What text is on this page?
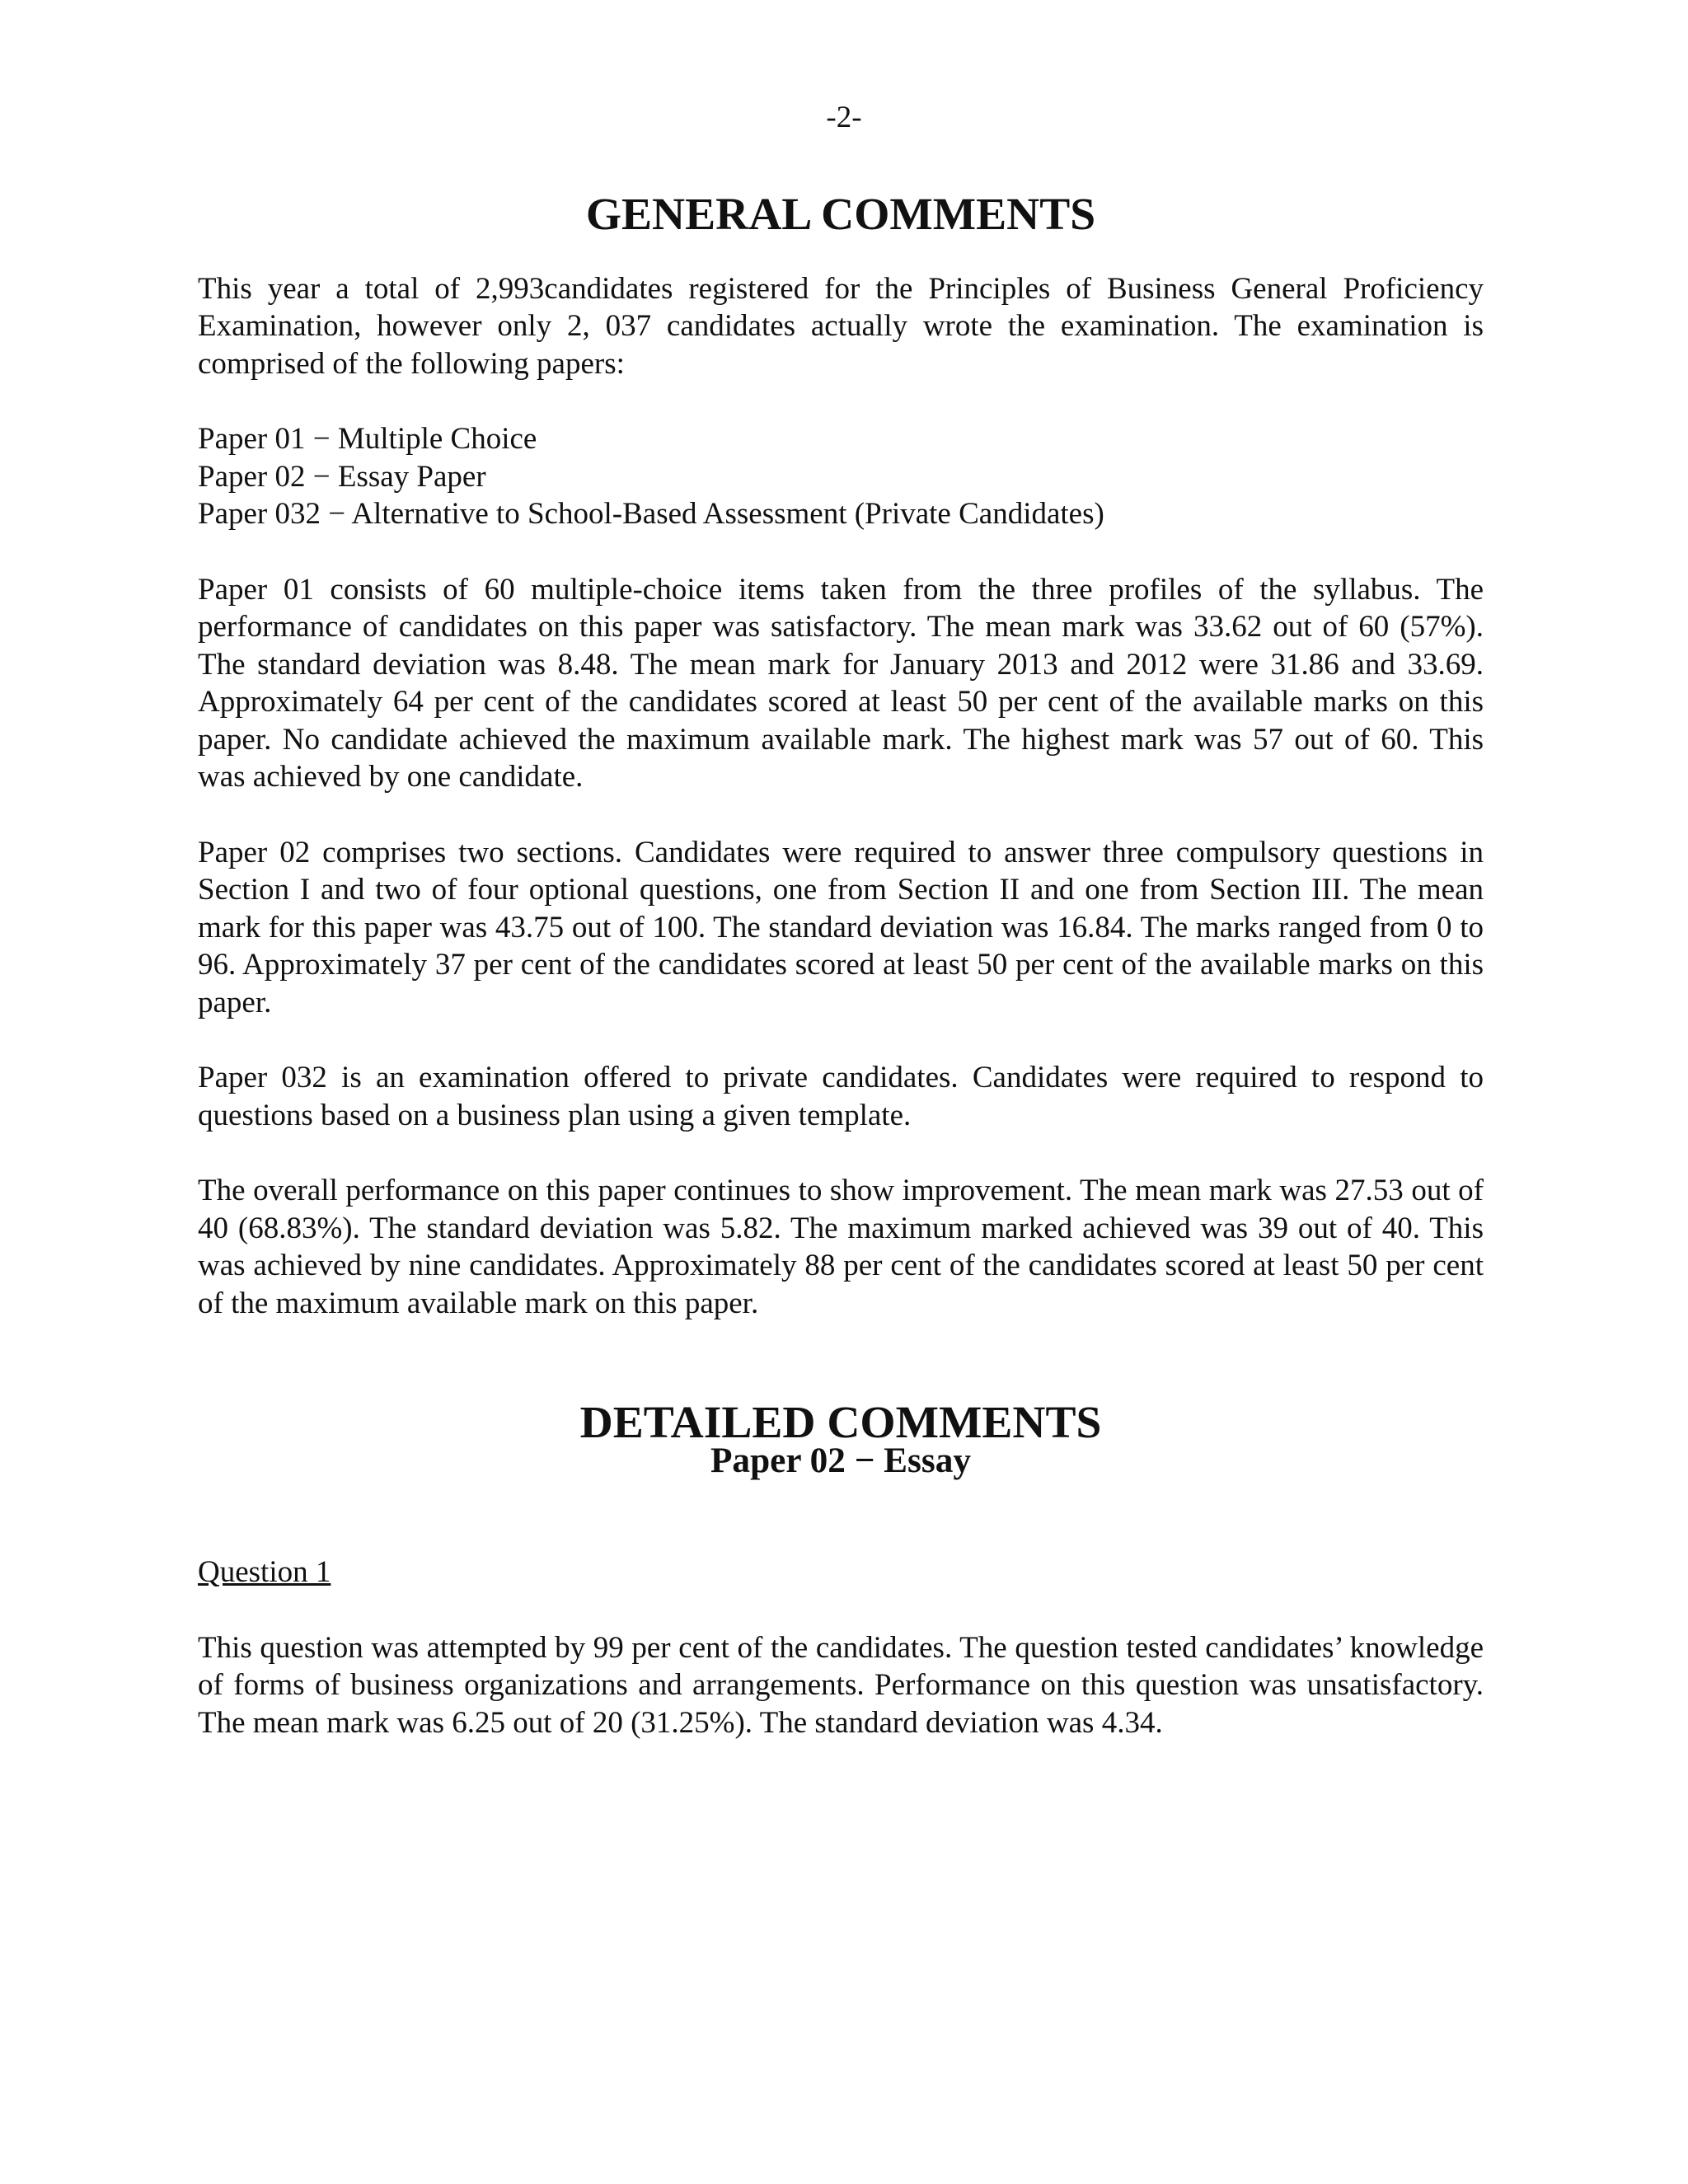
-2-
GENERAL COMMENTS

This year a total of 2,993candidates registered for the Principles of Business General Proficiency Examination, however only 2, 037 candidates actually wrote the examination. The examination is comprised of the following papers:

Paper 01 − Multiple Choice
Paper 02 − Essay Paper
Paper 032 − Alternative to School-Based Assessment (Private Candidates)

Paper 01 consists of 60 multiple-choice items taken from the three profiles of the syllabus. The performance of candidates on this paper was satisfactory. The mean mark was 33.62 out of 60 (57%). The standard deviation was 8.48. The mean mark for January 2013 and 2012 were 31.86 and 33.69. Approximately 64 per cent of the candidates scored at least 50 per cent of the available marks on this paper. No candidate achieved the maximum available mark. The highest mark was 57 out of 60. This was achieved by one candidate.

Paper 02 comprises two sections. Candidates were required to answer three compulsory questions in Section I and two of four optional questions, one from Section II and one from Section III. The mean mark for this paper was 43.75 out of 100. The standard deviation was 16.84. The marks ranged from 0 to 96. Approximately 37 per cent of the candidates scored at least 50 per cent of the available marks on this paper.

Paper 032 is an examination offered to private candidates. Candidates were required to respond to questions based on a business plan using a given template.

The overall performance on this paper continues to show improvement. The mean mark was 27.53 out of 40 (68.83%). The standard deviation was 5.82. The maximum marked achieved was 39 out of 40. This was achieved by nine candidates. Approximately 88 per cent of the candidates scored at least 50 per cent of the maximum available mark on this paper.

DETAILED COMMENTS
Paper 02 − Essay

Question 1

This question was attempted by 99 per cent of the candidates. The question tested candidates’ knowledge of forms of business organizations and arrangements. Performance on this question was unsatisfactory. The mean mark was 6.25 out of 20 (31.25%). The standard deviation was 4.34.
